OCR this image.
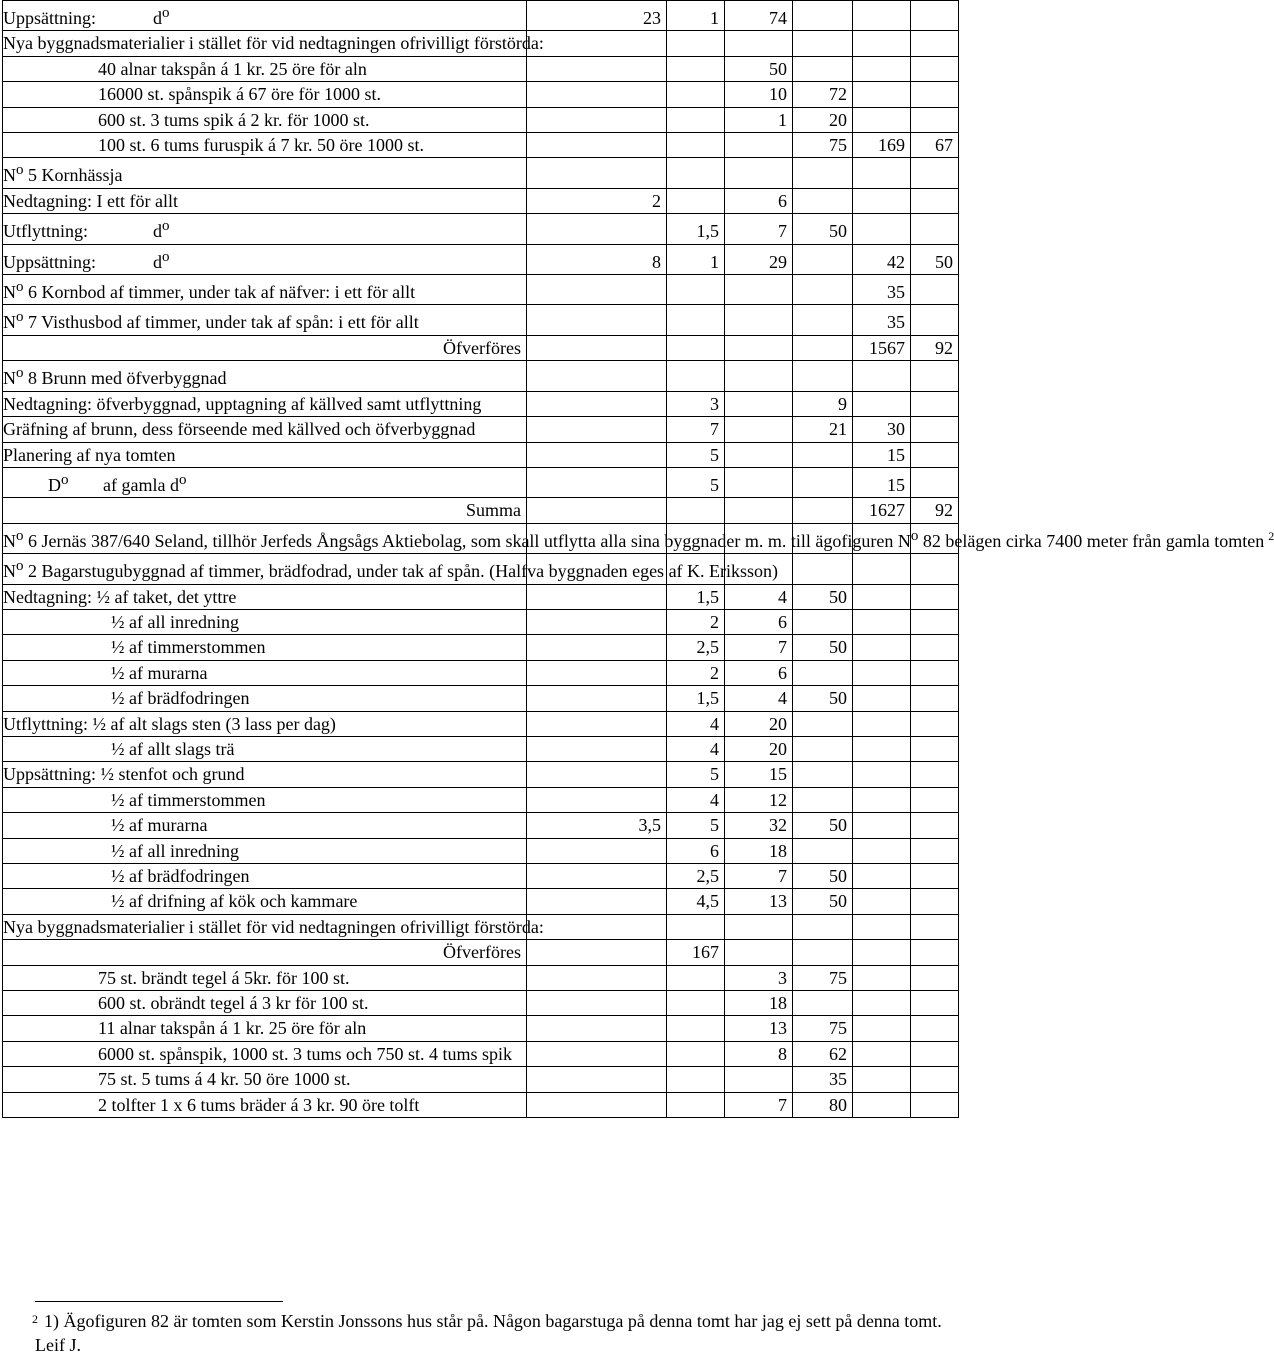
Uppsättning: $d^o$	23	1	74			
Nya byggnadsmaterialier i stället för vid nedtagningen ofrivilligt förstörda:						
40 alnar takspån á 1 kr. 25 öre för aln			50			
16000 st. spånspik á 67 öre för 1000 st.			10	72		
600 st. 3 tums spik á 2 kr. för 1000 st.			1	20		
100 st. 6 tums furuspik á 7 kr. 50 öre 1000 st.				75	169	67
$N^o$ 5 Kornhässja						
Nedtagning: I ett för allt	2		6			
Utflyttning: $d^o$		1,5	7	50		
Uppsättning: $d^o$	8	1	29		42	50
$N^o$ 6 Kornbod af timmer, under tak af näfver: i ett för allt					35	
$N^o$ 7 Visthusbod af timmer, under tak af spån: i ett för allt					35	
Öfverföres					1567	92
$N^o$ 8 Brunn med öfverbyggnad						
Nedtagning: öfverbyggnad, upptagning af källved samt utflyttning		3		9		
Gräfning af brunn, dess förseende med källved och öfverbyggnad		7		21	30	
Planering af nya tomten		5			15	
$D^o$ af gamla $d^o$		5			15	
Summa					1627	92
$N^o$ 6 Jernäs 387/640 Seland, tillhör Jerfeds Ångsågs Aktiebolag, som skall utflytta alla sina byggnader m. m. till ägofiguren $N^o$ 82 belägen cirka 7400 meter från gamla tomten $^2$						
$N^o$ 2 Bagarstugubyggnad af timmer, brädfodrad, under tak af spån. (Halfva byggnaden eges af K. Eriksson)						
Nedtagning: ½ af taket, det yttre		1,5	4	50		
½ af all inredning		2	6			
½ af timmerstommen		2,5	7	50		
½ af murarna		2	6			
½ af brädfodringen		1,5	4	50		
Utflyttning: ½ af alt slags sten (3 lass per dag)		4	20			
½ af allt slags trä		4	20			
Uppsättning: ½ stenfot och grund		5	15			
½ af timmerstommen		4	12			
½ af murarna	3,5	5	32	50		
½ af all inredning		6	18			
½ af brädfodringen		2,5	7	50		
½ af drifning af kök och kammare		4,5	13	50		
Nya byggnadsmaterialier i stället för vid nedtagningen ofrivilligt förstörda:						
Öfverföres		167				
75 st. brändt tegel á 5kr. för 100 st.			3	75		
600 st. obrändt tegel á 3 kr för 100 st.			18			
11 alnar takspån á 1 kr. 25 öre för aln			13	75		
6000 st. spånspik, 1000 st. 3 tums och 750 st. 4 tums spik			8	62		
75 st. 5 tums á 4 kr. 50 öre 1000 st.				35		
2 tolfter 1 x 6 tums bräder á 3 kr. 90 öre tolft			7	80		
$^2$ 1) Ägofiguren 82 är tomten som Kerstin Jonssons hus står på. Någon bagarstuga på denna tomt har jag ej sett på denna tomt. Leif J.
